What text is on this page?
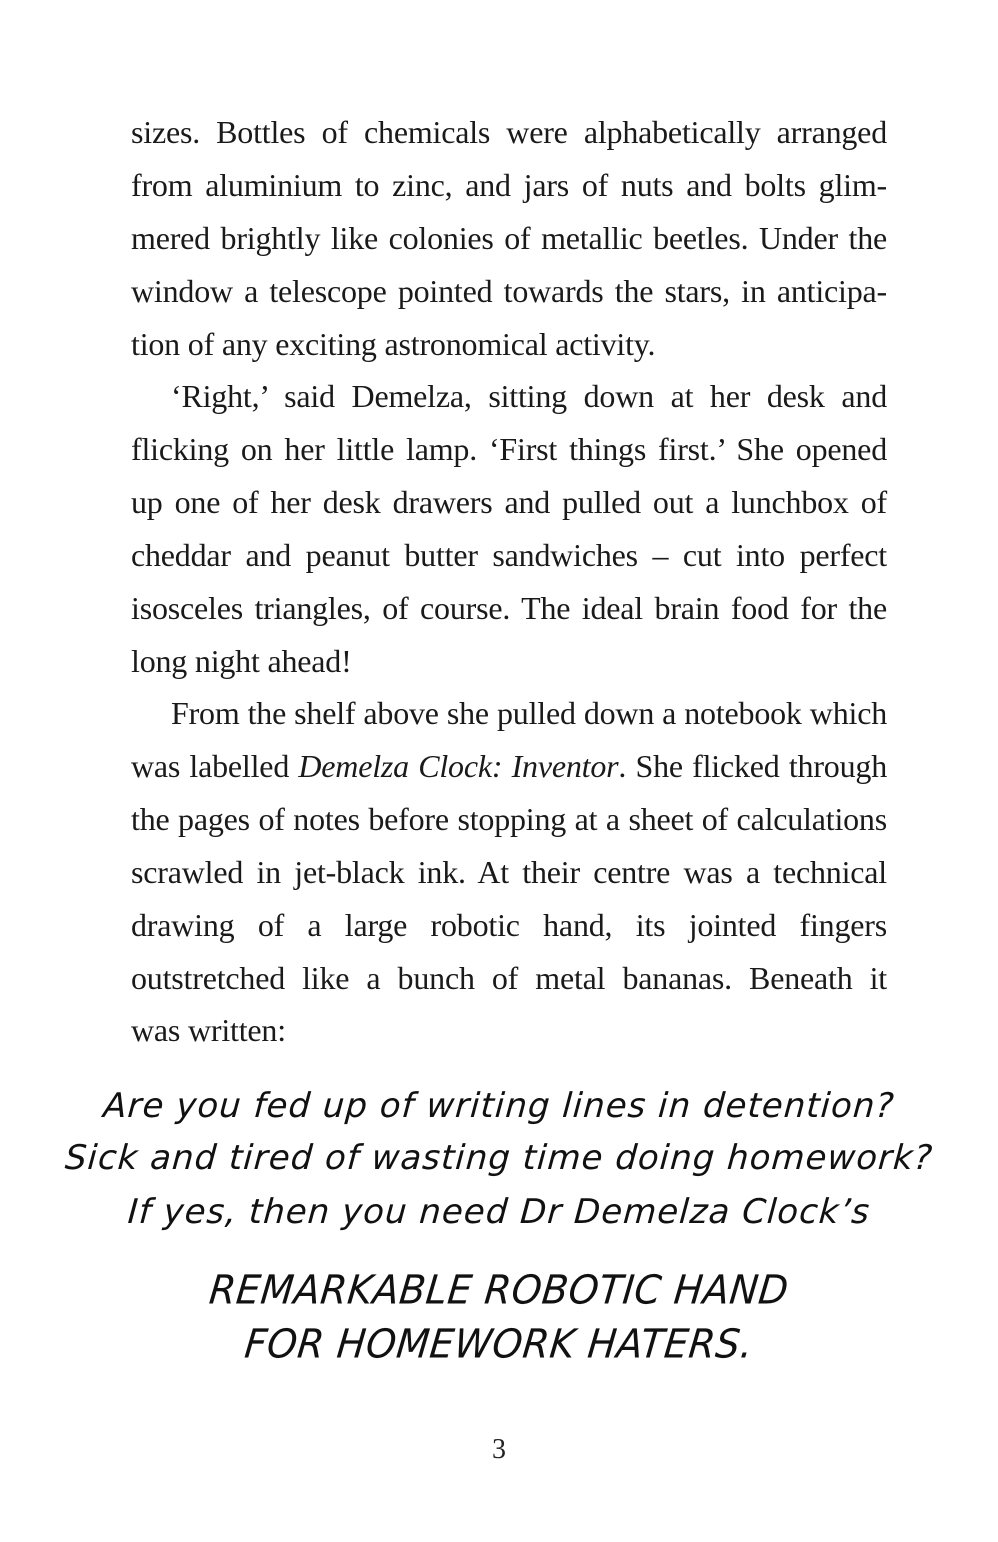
sizes. Bottles of chemicals were alphabetically arranged
from aluminium to zinc, and jars of nuts and bolts glim-
mered brightly like colonies of metallic beetles. Under the
window a telescope pointed towards the stars, in anticipa-
tion of any exciting astronomical activity.
‘Right,’ said Demelza, sitting down at her desk and
flicking on her little lamp. ‘First things first.’ She opened
up one of her desk drawers and pulled out a lunchbox of
cheddar and peanut butter sandwiches – cut into perfect
isosceles triangles, of course. The ideal brain food for the
long night ahead!
From the shelf above she pulled down a notebook which
was labelled Demelza Clock: Inventor. She flicked through
the pages of notes before stopping at a sheet of calculations
scrawled in jet-black ink. At their centre was a technical
drawing of a large robotic hand, its jointed fingers
outstretched like a bunch of metal bananas. Beneath it
was written:
Are you fed up of writing lines in detention?
Sick and tired of wasting time doing homework?
If yes, then you need Dr Demelza Clock’s
REMARKABLE ROBOTIC HAND
FOR HOMEWORK HATERS.
3
